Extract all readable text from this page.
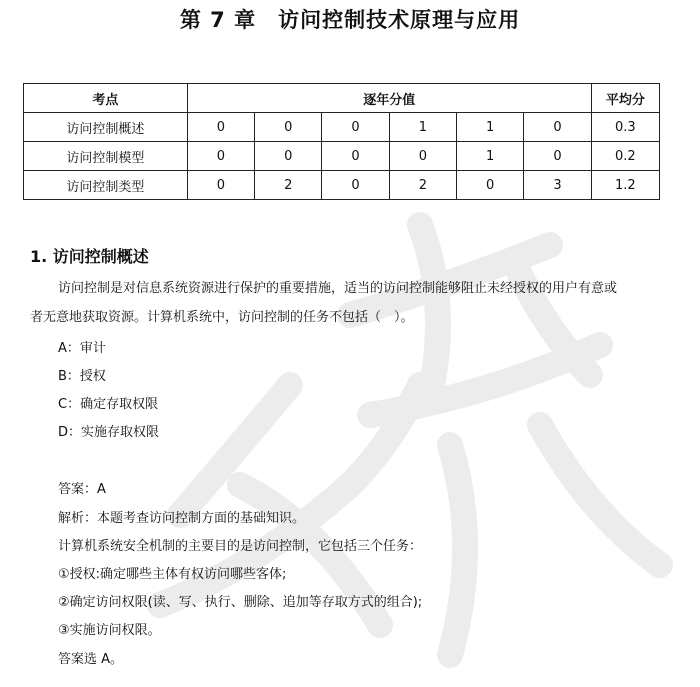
第 7 章　访问控制技术原理与应用
考点	逐年分值						平均分
访问控制概述	0	0	0	1	1	0	0.3
访问控制模型	0	0	0	0	1	0	0.2
访问控制类型	0	2	0	2	0	3	1.2
1. 访问控制概述
访问控制是对信息系统资源进行保护的重要措施，适当的访问控制能够阻止未经授权的用户有意或

者无意地获取资源。计算机系统中，访问控制的任务不包括（　）。
A：审计
B：授权
C：确定存取权限
D：实施存取权限
答案：A
解析：本题考查访问控制方面的基础知识。
计算机系统安全机制的主要目的是访问控制，它包括三个任务：
①授权:确定哪些主体有权访问哪些客体;
②确定访问权限(读、写、执行、删除、追加等存取方式的组合);
③实施访问权限。
答案选 A。
